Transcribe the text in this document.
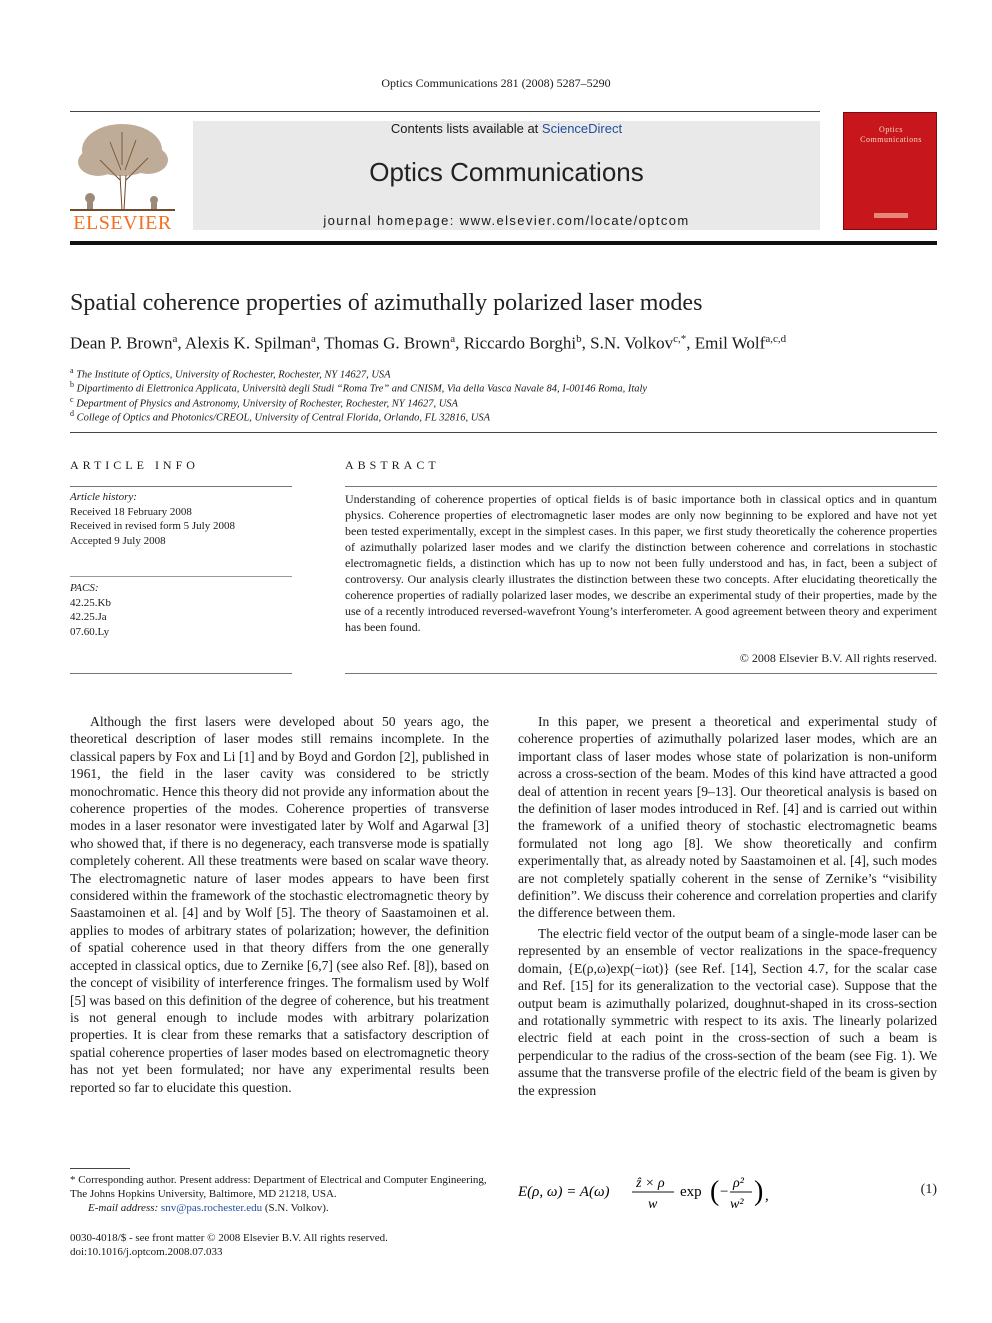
Optics Communications 281 (2008) 5287–5290
ELSEVIER
Contents lists available at ScienceDirect
Optics Communications
journal homepage: www.elsevier.com/locate/optcom
Optics
Communications
Spatial coherence properties of azimuthally polarized laser modes
Dean P. Brown$^a$, Alexis K. Spilman$^a$, Thomas G. Brown$^a$, Riccardo Borghi$^b$, S.N. Volkov$^{c,*}$, Emil Wolf$^{a,c,d}$
$^a$ The Institute of Optics, University of Rochester, Rochester, NY 14627, USA
$^b$ Dipartimento di Elettronica Applicata, Università degli Studi “Roma Tre” and CNISM, Via della Vasca Navale 84, I-00146 Roma, Italy
$^c$ Department of Physics and Astronomy, University of Rochester, Rochester, NY 14627, USA
$^d$ College of Optics and Photonics/CREOL, University of Central Florida, Orlando, FL 32816, USA
ARTICLE INFO
Article history:
Received 18 February 2008
Received in revised form 5 July 2008
Accepted 9 July 2008
PACS:
42.25.Kb
42.25.Ja
07.60.Ly
ABSTRACT
Understanding of coherence properties of optical fields is of basic importance both in classical optics and in quantum physics. Coherence properties of electromagnetic laser modes are only now beginning to be explored and have not yet been tested experimentally, except in the simplest cases. In this paper, we first study theoretically the coherence properties of azimuthally polarized laser modes and we clarify the distinction between coherence and correlations in stochastic electromagnetic fields, a distinction which has up to now not been fully understood and has, in fact, been a subject of controversy. Our analysis clearly illustrates the distinction between these two concepts. After elucidating theoretically the coherence properties of radially polarized laser modes, we describe an experimental study of their properties, made by the use of a recently introduced reversed-wavefront Young’s interferometer. A good agreement between theory and experiment has been found.
© 2008 Elsevier B.V. All rights reserved.

Although the first lasers were developed about 50 years ago, the theoretical description of laser modes still remains incomplete. In the classical papers by Fox and Li [1] and by Boyd and Gordon [2], published in 1961, the field in the laser cavity was considered to be strictly monochromatic. Hence this theory did not provide any information about the coherence properties of the modes. Coherence properties of transverse modes in a laser resonator were investigated later by Wolf and Agarwal [3] who showed that, if there is no degeneracy, each transverse mode is spatially completely coherent. All these treatments were based on scalar wave theory. The electromagnetic nature of laser modes appears to have been first considered within the framework of the stochastic electromagnetic theory by Saastamoinen et al. [4] and by Wolf [5]. The theory of Saastamoinen et al. applies to modes of arbitrary states of polarization; however, the definition of spatial coherence used in that theory differs from the one generally accepted in classical optics, due to Zernike [6,7] (see also Ref. [8]), based on the concept of visibility of interference fringes. The formalism used by Wolf [5] was based on this definition of the degree of coherence, but his treatment is not general enough to include modes with arbitrary polarization properties. It is clear from these remarks that a satisfactory description of spatial coherence properties of laser modes based on electromagnetic theory has not yet been formulated; nor have any experimental results been reported so far to elucidate this question.

In this paper, we present a theoretical and experimental study of coherence properties of azimuthally polarized laser modes, which are an important class of laser modes whose state of polarization is non-uniform across a cross-section of the beam. Modes of this kind have attracted a good deal of attention in recent years [9–13]. Our theoretical analysis is based on the definition of laser modes introduced in Ref. [4] and is carried out within the framework of a unified theory of stochastic electromagnetic beams formulated not long ago [8]. We show theoretically and confirm experimentally that, as already noted by Saastamoinen et al. [4], such modes are not completely spatially coherent in the sense of Zernike’s “visibility definition”. We discuss their coherence and correlation properties and clarify the difference between them.

The electric field vector of the output beam of a single-mode laser can be represented by an ensemble of vector realizations in the space-frequency domain, {E(ρ,ω)exp(−iωt)} (see Ref. [14], Section 4.7, for the scalar case and Ref. [15] for its generalization to the vectorial case). Suppose that the output beam is azimuthally polarized, doughnut-shaped in its cross-section and rotationally symmetric with respect to its axis. The linearly polarized electric field at each point in the cross-section of such a beam is perpendicular to the radius of the cross-section of the beam (see Fig. 1). We assume that the transverse profile of the electric field of the beam is given by the expression

E(ρ, ω) = A(ω)
ẑ × ρ
w
exp ( −
ρ²
w² ) ,	(1)
* Corresponding author. Present address: Department of Electrical and Computer Engineering, The Johns Hopkins University, Baltimore, MD 21218, USA.
E-mail address: snv@pas.rochester.edu (S.N. Volkov).
0030-4018/$ - see front matter © 2008 Elsevier B.V. All rights reserved.
doi:10.1016/j.optcom.2008.07.033
